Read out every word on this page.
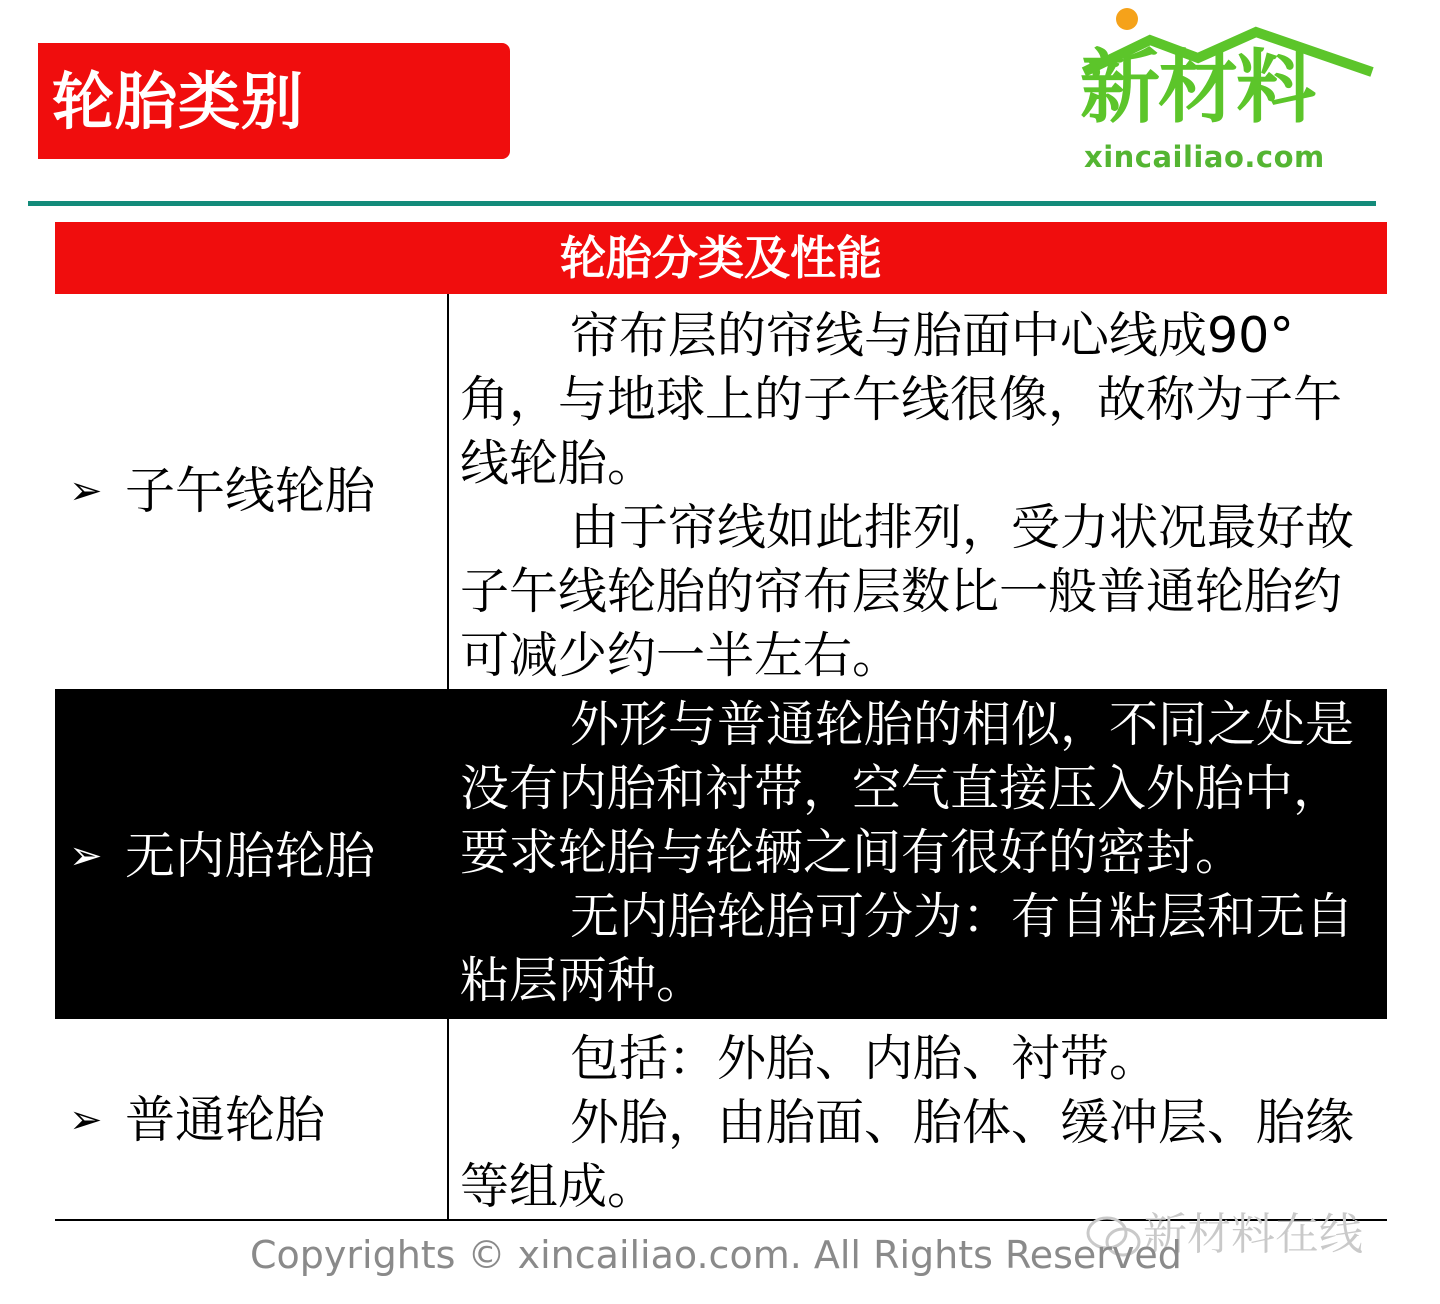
轮胎类别	新材料
xincailiao.com
轮胎分类及性能
➢ 子午线轮胎

帘布层的帘线与胎面中心线成90°角，与地球上的子午线很像，故称为子午线轮胎。

由于帘线如此排列，受力状况最好故子午线轮胎的帘布层数比一般普通轮胎约可减少约一半左右。

➢ 无内胎轮胎

外形与普通轮胎的相似，不同之处是没有内胎和衬带，空气直接压入外胎中，要求轮胎与轮辆之间有很好的密封。

无内胎轮胎可分为：有自粘层和无自粘层两种。

➢ 普通轮胎

包括：外胎、内胎、衬带。

外胎，由胎面、胎体、缓冲层、胎缘等组成。

新材料在线
Copyrights © xincailiao.com. All Rights Reserved
